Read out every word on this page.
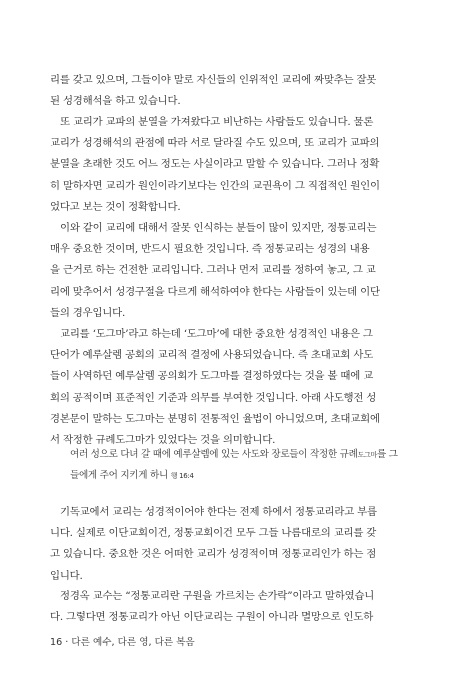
리를 갖고 있으며, 그들이야 말로 자신들의 인위적인 교리에 짜맞추는 잘못
된 성경해석을 하고 있습니다.
또 교리가 교파의 분열을 가져왔다고 비난하는 사람들도 있습니다. 물론
교리가 성경해석의 관점에 따라 서로 달라질 수도 있으며, 또 교리가 교파의
분열을 초래한 것도 어느 정도는 사실이라고 말할 수 있습니다. 그러나 정확
히 말하자면 교리가 원인이라기보다는 인간의 교권욕이 그 직접적인 원인이
었다고 보는 것이 정확합니다.
이와 같이 교리에 대해서 잘못 인식하는 분들이 많이 있지만, 정통교리는
매우 중요한 것이며, 반드시 필요한 것입니다. 즉 정통교리는 성경의 내용
을 근거로 하는 건전한 교리입니다. 그러나 먼저 교리를 정하여 놓고, 그 교
리에 맞추어서 성경구절을 다르게 해석하여야 한다는 사람들이 있는데 이단
들의 경우입니다.
교리를 ‘도그마’라고 하는데 ‘도그마’에 대한 중요한 성경적인 내용은 그
단어가 예루살렘 공회의 교리적 결정에 사용되었습니다. 즉 초대교회 사도
들이 사역하던 예루살렘 공의회가 도그마를 결정하였다는 것을 볼 때에 교
회의 공적이며 표준적인 기준과 의무를 부여한 것입니다. 아래 사도행전 성
경본문이 말하는 도그마는 분명히 전통적인 율법이 아니었으며, 초대교회에
서 작정한 규례도그마가 있었다는 것을 의미합니다.
여러 성으로 다녀 갈 때에 예루살렘에 있는 사도와 장로들이 작정한 규례도그마를 그
들에게 주어 지키게 하니 행 16:4
기독교에서 교리는 성경적이어야 한다는 전제 하에서 정통교리라고 부릅
니다. 실제로 이단교회이건, 정통교회이건 모두 그들 나름대로의 교리를 갖
고 있습니다. 중요한 것은 어떠한 교리가 성경적이며 정통교리인가 하는 점
입니다.
정경옥 교수는 “정통교리란 구원을 가르치는 손가락”이라고 말하였습니
다. 그렇다면 정통교리가 아닌 이단교리는 구원이 아니라 멸망으로 인도하
16 · 다른 예수, 다른 영, 다른 복음
